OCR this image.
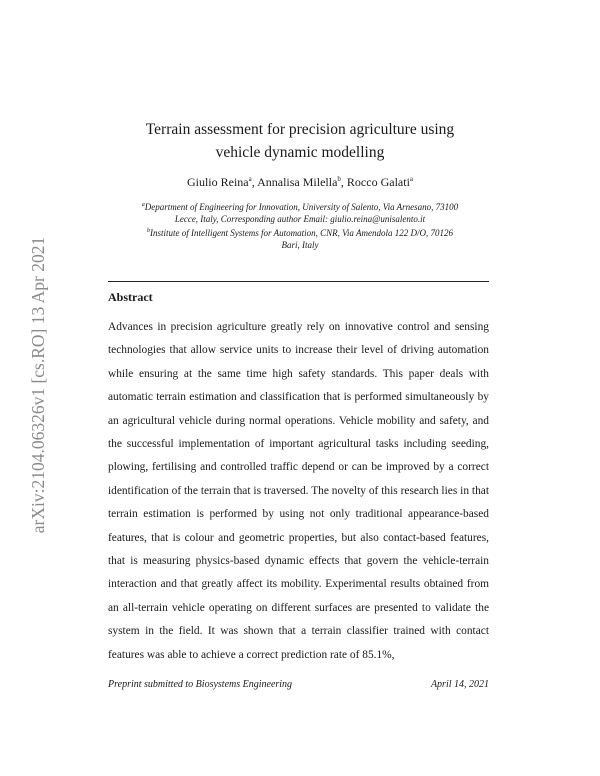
arXiv:2104.06326v1 [cs.RO] 13 Apr 2021
Terrain assessment for precision agriculture using
vehicle dynamic modelling
Giulio Reina$^a$, Annalisa Milella$^b$, Rocco Galati$^a$
$^a$Department of Engineering for Innovation, University of Salento, Via Arnesano, 73100
Lecce, Italy, Corresponding author Email: giulio.reina@unisalento.it
$^b$Institute of Intelligent Systems for Automation, CNR, Via Amendola 122 D/O, 70126
Bari, Italy
Abstract

Advances in precision agriculture greatly rely on innovative control and sensing technologies that allow service units to increase their level of driving automation while ensuring at the same time high safety standards. This paper deals with automatic terrain estimation and classification that is performed simultaneously by an agricultural vehicle during normal operations. Vehicle mobility and safety, and the successful implementation of important agricultural tasks including seeding, plowing, fertilising and controlled traffic depend or can be improved by a correct identification of the terrain that is traversed. The novelty of this research lies in that terrain estimation is performed by using not only traditional appearance-based features, that is colour and geometric properties, but also contact-based features, that is measuring physics-based dynamic effects that govern the vehicle-terrain interaction and that greatly affect its mobility. Experimental results obtained from an all-terrain vehicle operating on different surfaces are presented to validate the system in the field. It was shown that a terrain classifier trained with contact features was able to achieve a correct prediction rate of 85.1%,

Preprint submitted to Biosystems Engineering	April 14, 2021
